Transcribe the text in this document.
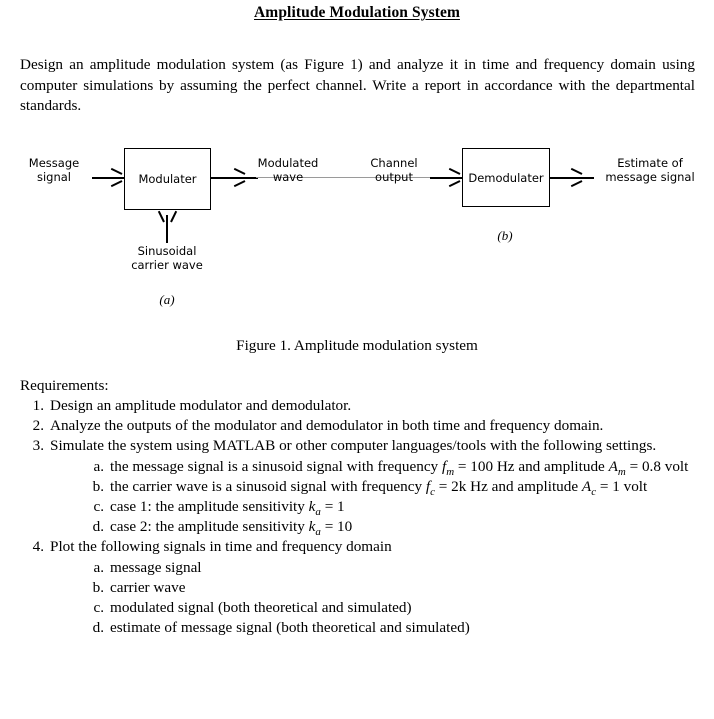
Amplitude Modulation System

Design an amplitude modulation system (as Figure 1) and analyze it in time and frequency domain using computer simulations by assuming the perfect channel. Write a report in accordance with the departmental standards.

Message
signal	Modulater
Modulated
wave
Channel
output
Sinusoidal
carrier wave
(a)
Demodulater
Estimate of
message signal
(b)
Figure 1. Amplitude modulation system
Requirements:
1. Design an amplitude modulator and demodulator.
2. Analyze the outputs of the modulator and demodulator in both time and frequency domain.
3. Simulate the system using MATLAB or other computer languages/tools with the following settings.
a. the message signal is a sinusoid signal with frequency $f_m = 100$ Hz and amplitude $A_m = 0.8$ volt
b. the carrier wave is a sinusoid signal with frequency $f_c = 2k$ Hz and amplitude $A_c = 1$ volt
c. case 1: the amplitude sensitivity $k_a = 1$
d. case 2: the amplitude sensitivity $k_a = 10$
4. Plot the following signals in time and frequency domain
a. message signal
b. carrier wave
c. modulated signal (both theoretical and simulated)
d. estimate of message signal (both theoretical and simulated)
